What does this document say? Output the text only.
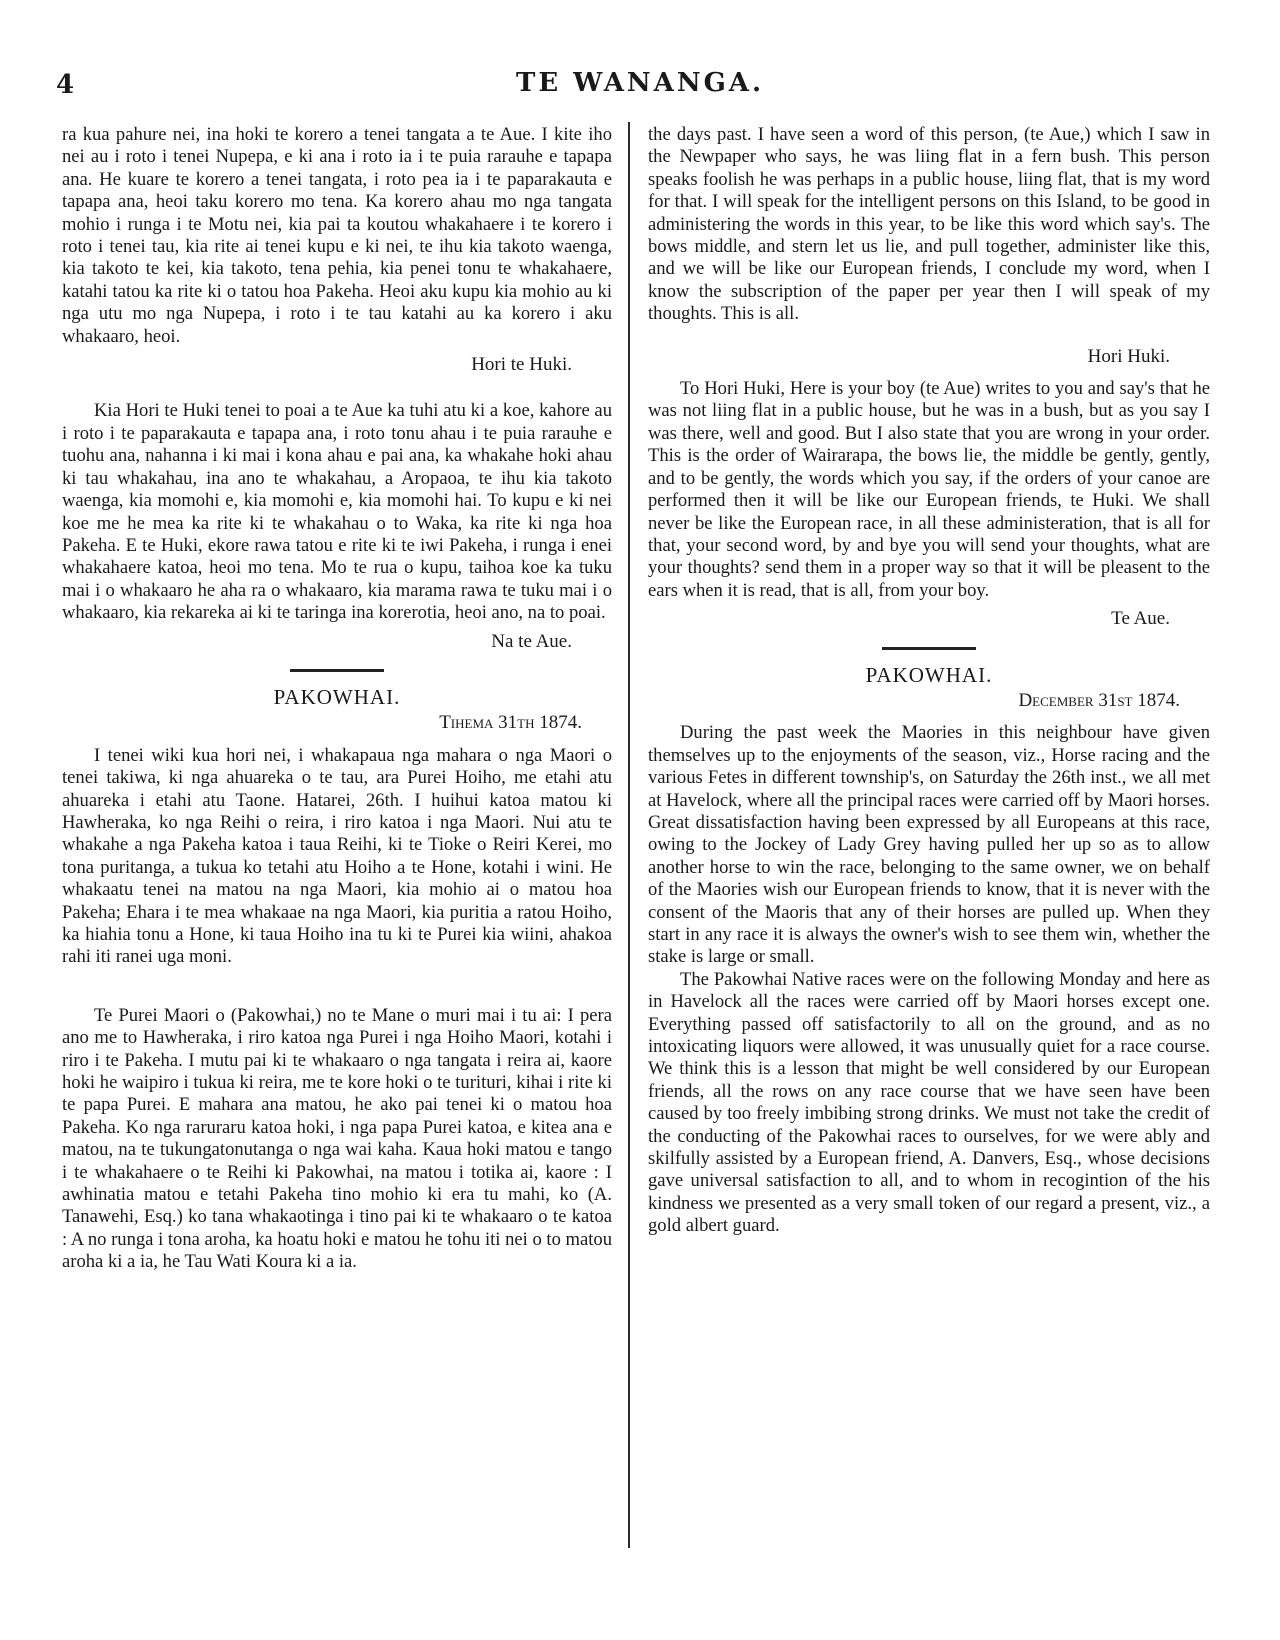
4	TE WANANGA.

ra kua pahure nei, ina hoki te korero a tenei tangata a te Aue. I kite iho nei au i roto i tenei Nupepa, e ki ana i roto ia i te puia rarauhe e tapapa ana. He kuare te korero a tenei tangata, i roto pea ia i te paparakauta e tapapa ana, heoi taku korero mo tena. Ka korero ahau mo nga tangata mohio i runga i te Motu nei, kia pai ta koutou whakahaere i te korero i roto i tenei tau, kia rite ai tenei kupu e ki nei, te ihu kia takoto waenga, kia takoto te kei, kia takoto, tena pehia, kia penei tonu te whakahaere, katahi tatou ka rite ki o tatou hoa Pakeha. Heoi aku kupu kia mohio au ki nga utu mo nga Nupepa, i roto i te tau katahi au ka korero i aku whakaaro, heoi.

Hori te Huki.

Kia Hori te Huki tenei to poai a te Aue ka tuhi atu ki a koe, kahore au i roto i te paparakauta e tapapa ana, i roto tonu ahau i te puia rarauhe e tuohu ana, nahanna i ki mai i kona ahau e pai ana, ka whakahe hoki ahau ki tau whakahau, ina ano te whakahau, a Aropaoa, te ihu kia takoto waenga, kia momohi e, kia momohi e, kia momohi hai. To kupu e ki nei koe me he mea ka rite ki te whakahau o to Waka, ka rite ki nga hoa Pakeha. E te Huki, ekore rawa tatou e rite ki te iwi Pakeha, i runga i enei whakahaere katoa, heoi mo tena. Mo te rua o kupu, taihoa koe ka tuku mai i o whakaaro he aha ra o whakaaro, kia marama rawa te tuku mai i o whakaaro, kia rekareka ai ki te taringa ina korerotia, heoi ano, na to poai.

Na te Aue.
PAKOWHAI.
Tihema 31th 1874.

I tenei wiki kua hori nei, i whakapaua nga mahara o nga Maori o tenei takiwa, ki nga ahuareka o te tau, ara Purei Hoiho, me etahi atu ahuareka i etahi atu Taone. Hatarei, 26th. I huihui katoa matou ki Hawheraka, ko nga Reihi o reira, i riro katoa i nga Maori. Nui atu te whakahe a nga Pakeha katoa i taua Reihi, ki te Tioke o Reiri Kerei, mo tona puritanga, a tukua ko tetahi atu Hoiho a te Hone, kotahi i wini. He whakaatu tenei na matou na nga Maori, kia mohio ai o matou hoa Pakeha; Ehara i te mea whakaae na nga Maori, kia puritia a ratou Hoiho, ka hiahia tonu a Hone, ki taua Hoiho ina tu ki te Purei kia wiini, ahakoa rahi iti ranei uga moni.

Te Purei Maori o (Pakowhai,) no te Mane o muri mai i tu ai: I pera ano me to Hawheraka, i riro katoa nga Purei i nga Hoiho Maori, kotahi i riro i te Pakeha. I mutu pai ki te whakaaro o nga tangata i reira ai, kaore hoki he waipiro i tukua ki reira, me te kore hoki o te turituri, kihai i rite ki te papa Purei. E mahara ana matou, he ako pai tenei ki o matou hoa Pakeha. Ko nga raruraru katoa hoki, i nga papa Purei katoa, e kitea ana e matou, na te tukungatonutanga o nga wai kaha. Kaua hoki matou e tango i te whakahaere o te Reihi ki Pakowhai, na matou i totika ai, kaore : I awhinatia matou e tetahi Pakeha tino mohio ki era tu mahi, ko (A. Tanawehi, Esq.) ko tana whakaotinga i tino pai ki te whakaaro o te katoa : A no runga i tona aroha, ka hoatu hoki e matou he tohu iti nei o to matou aroha ki a ia, he Tau Wati Koura ki a ia.

the days past. I have seen a word of this person, (te Aue,) which I saw in the Newpaper who says, he was liing flat in a fern bush. This person speaks foolish he was perhaps in a public house, liing flat, that is my word for that. I will speak for the intelligent persons on this Island, to be good in administering the words in this year, to be like this word which say's. The bows middle, and stern let us lie, and pull together, administer like this, and we will be like our European friends, I conclude my word, when I know the subscription of the paper per year then I will speak of my thoughts. This is all.

Hori Huki.

To Hori Huki, Here is your boy (te Aue) writes to you and say's that he was not liing flat in a public house, but he was in a bush, but as you say I was there, well and good. But I also state that you are wrong in your order. This is the order of Wairarapa, the bows lie, the middle be gently, gently, and to be gently, the words which you say, if the orders of your canoe are performed then it will be like our European friends, te Huki. We shall never be like the European race, in all these administeration, that is all for that, your second word, by and bye you will send your thoughts, what are your thoughts? send them in a proper way so that it will be pleasent to the ears when it is read, that is all, from your boy.

Te Aue.
PAKOWHAI.
December 31st 1874.

During the past week the Maories in this neighbour have given themselves up to the enjoyments of the season, viz., Horse racing and the various Fetes in different township's, on Saturday the 26th inst., we all met at Havelock, where all the principal races were carried off by Maori horses. Great dissatisfaction having been expressed by all Europeans at this race, owing to the Jockey of Lady Grey having pulled her up so as to allow another horse to win the race, belonging to the same owner, we on behalf of the Maories wish our European friends to know, that it is never with the consent of the Maoris that any of their horses are pulled up. When they start in any race it is always the owner's wish to see them win, whether the stake is large or small.

The Pakowhai Native races were on the following Monday and here as in Havelock all the races were carried off by Maori horses except one. Everything passed off satisfactorily to all on the ground, and as no intoxicating liquors were allowed, it was unusually quiet for a race course. We think this is a lesson that might be well considered by our European friends, all the rows on any race course that we have seen have been caused by too freely imbibing strong drinks. We must not take the credit of the conducting of the Pakowhai races to ourselves, for we were ably and skilfully assisted by a European friend, A. Danvers, Esq., whose decisions gave universal satisfaction to all, and to whom in recogintion of the his kindness we presented as a very small token of our regard a present, viz., a gold albert guard.
